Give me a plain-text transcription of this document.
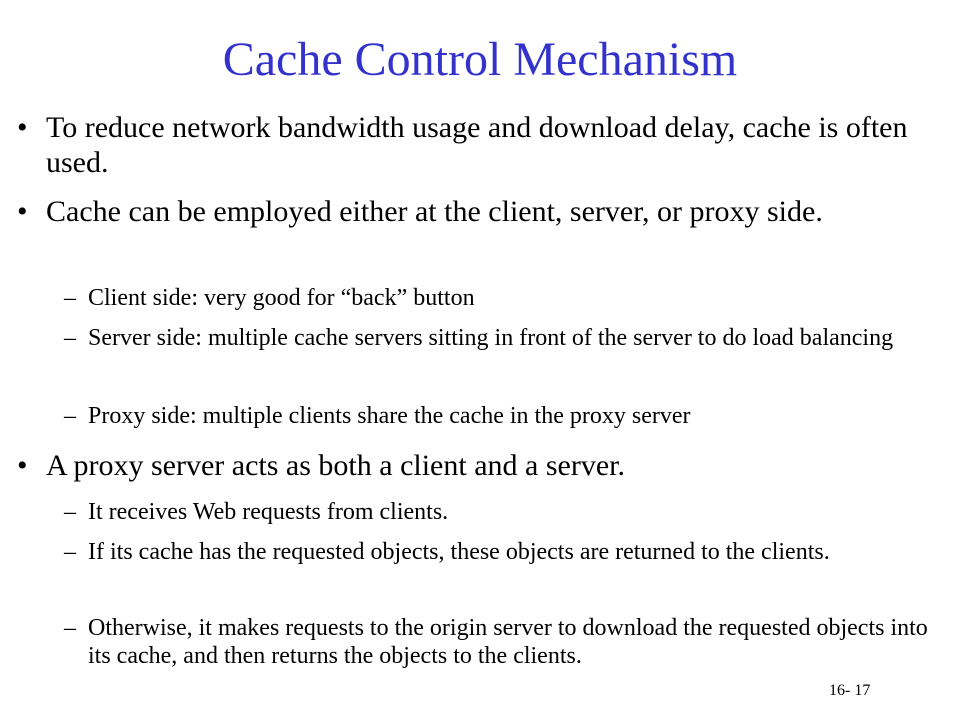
Cache Control Mechanism
• To reduce network bandwidth usage and download delay, cache is often used.
• Cache can be employed either at the client, server, or proxy side.
– Client side: very good for “back” button
– Server side: multiple cache servers sitting in front of the server to do load balancing
– Proxy side: multiple clients share the cache in the proxy server
• A proxy server acts as both a client and a server.
– It receives Web requests from clients.
– If its cache has the requested objects, these objects are returned to the clients.
– Otherwise, it makes requests to the origin server to download the requested objects into its cache, and then returns the objects to the clients.
16- 17
